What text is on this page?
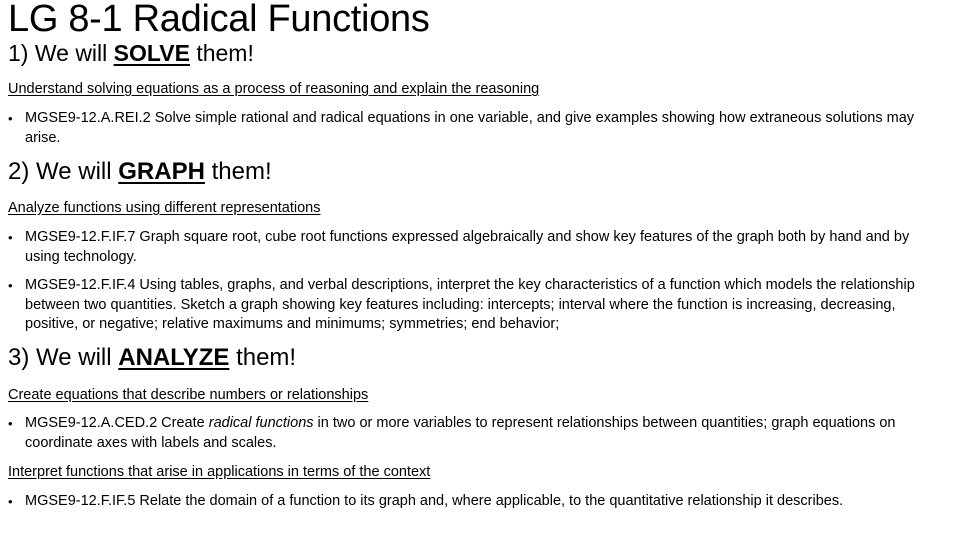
LG 8-1 Radical Functions
1) We will SOLVE them!

Understand solving equations as a process of reasoning and explain the reasoning

• MGSE9-12.A.REI.2 Solve simple rational and radical equations in one variable, and give examples showing how extraneous solutions may arise.
2) We will GRAPH them!

Analyze functions using different representations

• MGSE9-12.F.IF.7 Graph square root, cube root functions expressed algebraically and show key features of the graph both by hand and by using technology.
• MGSE9-12.F.IF.4 Using tables, graphs, and verbal descriptions, interpret the key characteristics of a function which models the relationship between two quantities. Sketch a graph showing key features including: intercepts; interval where the function is increasing, decreasing, positive, or negative; relative maximums and minimums; symmetries; end behavior;
3) We will ANALYZE them!

Create equations that describe numbers or relationships

• MGSE9-12.A.CED.2 Create radical functions in two or more variables to represent relationships between quantities; graph equations on coordinate axes with labels and scales.

Interpret functions that arise in applications in terms of the context

• MGSE9-12.F.IF.5 Relate the domain of a function to its graph and, where applicable, to the quantitative relationship it describes.
